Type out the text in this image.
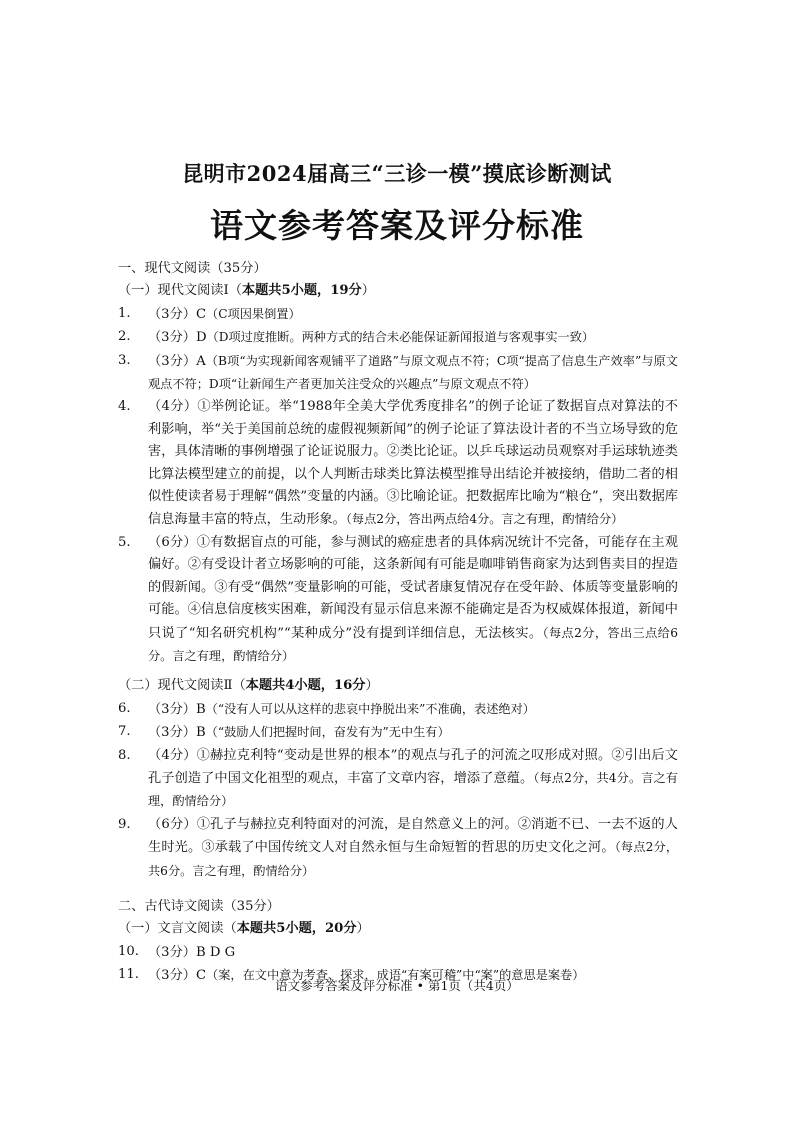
昆明市2024届高三“三诊一模”摸底诊断测试
语文参考答案及评分标准

一、现代文阅读（35分）

（一）现代文阅读Ⅰ（本题共5小题，19分）

1. （3分）C（C项因果倒置）

2. （3分）D（D项过度推断。两种方式的结合未必能保证新闻报道与客观事实一致）

3. （3分）A（B项“为实现新闻客观铺平了道路”与原文观点不符；C项“提高了信息生产效率”与原文观点不符；D项“让新闻生产者更加关注受众的兴趣点”与原文观点不符）

4. （4分）①举例论证。举“1988年全美大学优秀度排名”的例子论证了数据盲点对算法的不利影响，举“关于美国前总统的虚假视频新闻”的例子论证了算法设计者的不当立场导致的危害，具体清晰的事例增强了论证说服力。②类比论证。以乒乓球运动员观察对手运球轨迹类比算法模型建立的前提，以个人判断击球类比算法模型推导出结论并被接纳，借助二者的相似性使读者易于理解“偶然”变量的内涵。③比喻论证。把数据库比喻为“粮仓”，突出数据库信息海量丰富的特点，生动形象。（每点2分，答出两点给4分。言之有理，酌情给分）

5. （6分）①有数据盲点的可能，参与测试的癌症患者的具体病况统计不完备，可能存在主观偏好。②有受设计者立场影响的可能，这条新闻有可能是咖啡销售商家为达到售卖目的捏造的假新闻。③有受“偶然”变量影响的可能，受试者康复情况存在受年龄、体质等变量影响的可能。④信息信度核实困难，新闻没有显示信息来源不能确定是否为权威媒体报道，新闻中只说了“知名研究机构”“某种成分”没有提到详细信息，无法核实。（每点2分，答出三点给6分。言之有理，酌情给分）

（二）现代文阅读Ⅱ（本题共4小题，16分）

6. （3分）B（“没有人可以从这样的悲哀中挣脱出来”不准确，表述绝对）

7. （3分）B（“鼓励人们把握时间，奋发有为”无中生有）

8. （4分）①赫拉克利特“变动是世界的根本”的观点与孔子的河流之叹形成对照。②引出后文孔子创造了中国文化祖型的观点，丰富了文章内容，增添了意蕴。（每点2分，共4分。言之有理，酌情给分）

9. （6分）①孔子与赫拉克利特面对的河流，是自然意义上的河。②消逝不已、一去不返的人生时光。③承载了中国传统文人对自然永恒与生命短暂的哲思的历史文化之河。（每点2分，共6分。言之有理，酌情给分）

二、古代诗文阅读（35分）

（一）文言文阅读（本题共5小题，20分）

10. （3分）B D G

11. （3分）C（案，在文中意为考查、探求，成语“有案可稽”中“案”的意思是案卷）

语文参考答案及评分标准 • 第1页（共4页）
